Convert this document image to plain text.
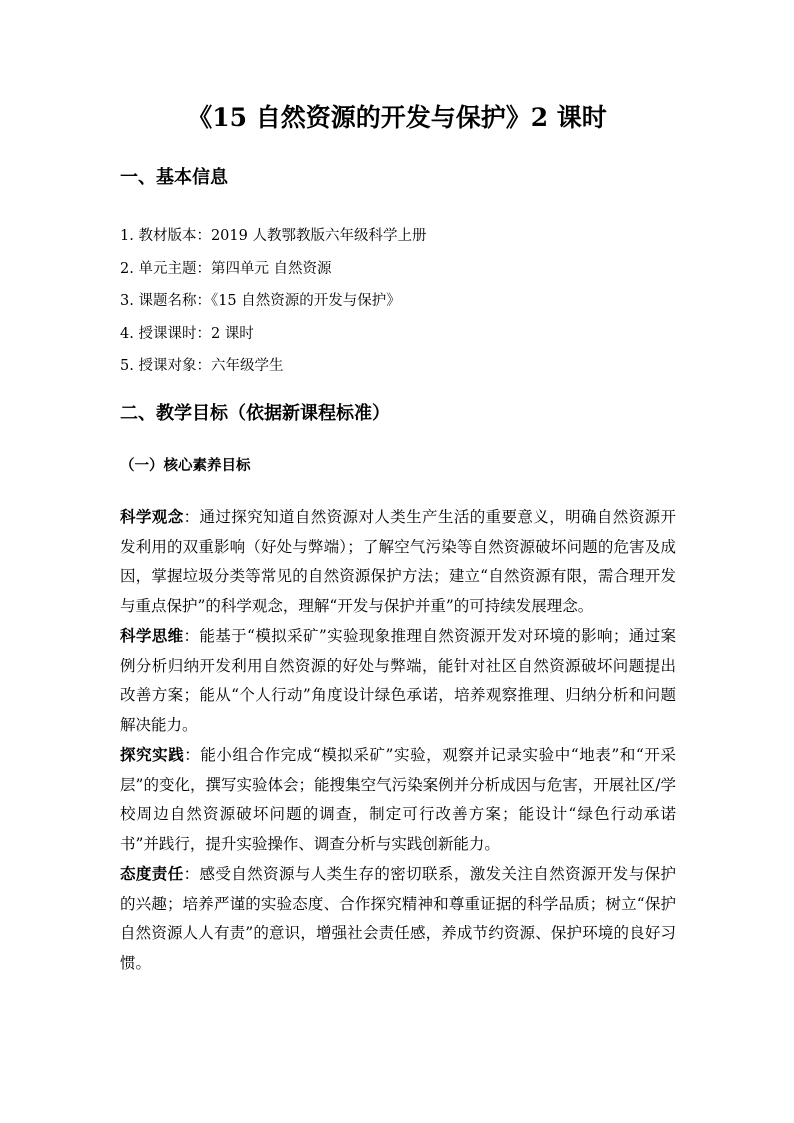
《15 自然资源的开发与保护》2 课时
一、基本信息
1. 教材版本：2019 人教鄂教版六年级科学上册
2. 单元主题：第四单元 自然资源
3. 课题名称：《15 自然资源的开发与保护》
4. 授课课时：2 课时
5. 授课对象：六年级学生
二、教学目标（依据新课程标准）
（一）核心素养目标

科学观念：通过探究知道自然资源对人类生产生活的重要意义，明确自然资源开发利用的双重影响（好处与弊端）；了解空气污染等自然资源破坏问题的危害及成因，掌握垃圾分类等常见的自然资源保护方法；建立“自然资源有限，需合理开发与重点保护”的科学观念，理解“开发与保护并重”的可持续发展理念。

科学思维：能基于“模拟采矿”实验现象推理自然资源开发对环境的影响；通过案例分析归纳开发利用自然资源的好处与弊端，能针对社区自然资源破坏问题提出改善方案；能从“个人行动”角度设计绿色承诺，培养观察推理、归纳分析和问题解决能力。

探究实践：能小组合作完成“模拟采矿”实验，观察并记录实验中“地表”和“开采层”的变化，撰写实验体会；能搜集空气污染案例并分析成因与危害，开展社区/学校周边自然资源破坏问题的调查，制定可行改善方案；能设计“绿色行动承诺书”并践行，提升实验操作、调查分析与实践创新能力。

态度责任：感受自然资源与人类生存的密切联系，激发关注自然资源开发与保护的兴趣；培养严谨的实验态度、合作探究精神和尊重证据的科学品质；树立“保护自然资源人人有责”的意识，增强社会责任感，养成节约资源、保护环境的良好习惯。
